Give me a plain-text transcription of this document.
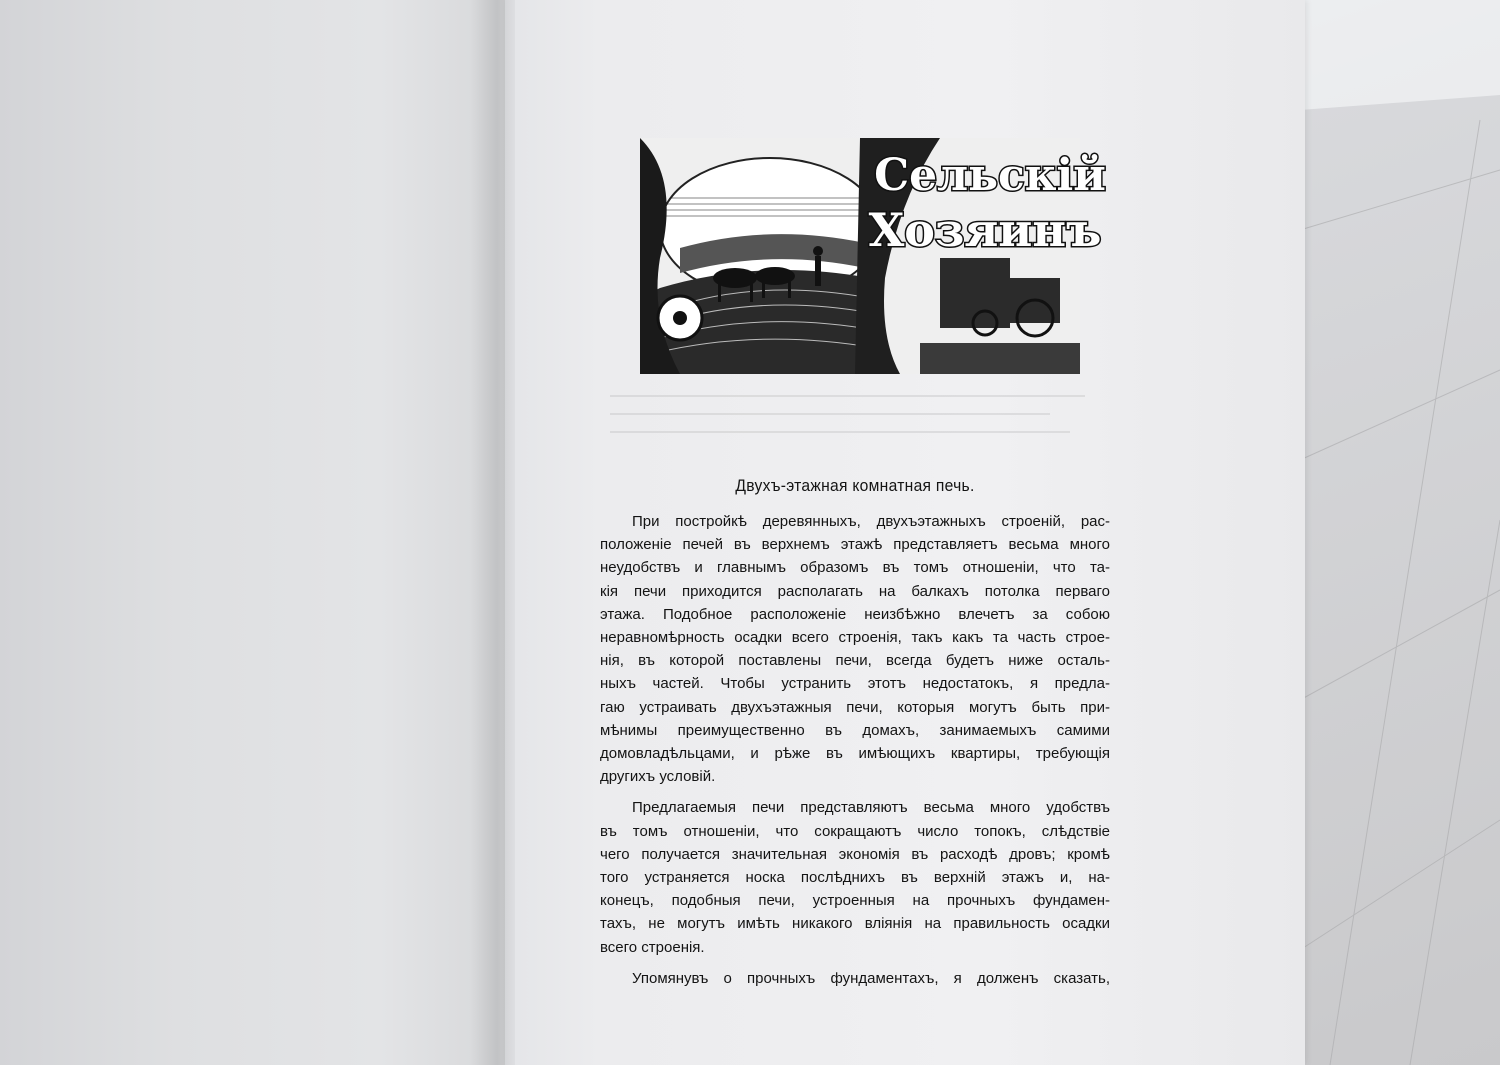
Сельскій
Хозяинъ
Двухъ-этажная комнатная печь.
При постройкѣ деревянныхъ, двухъэтажныхъ строеній, рас-
положеніе печей въ верхнемъ этажѣ представляетъ весьма много
неудобствъ и главнымъ образомъ въ томъ отношеніи, что та-
кія печи приходится располагать на балкахъ потолка перваго
этажа. Подобное расположеніе неизбѣжно влечетъ за собою
неравномѣрность осадки всего строенія, такъ какъ та часть строе-
нія, въ которой поставлены печи, всегда будетъ ниже осталь-
ныхъ частей. Чтобы устранить этотъ недостатокъ, я предла-
гаю устраивать двухъэтажныя печи, которыя могутъ быть при-
мѣнимы преимущественно въ домахъ, занимаемыхъ самими
домовладѣльцами, и рѣже въ имѣющихъ квартиры, требующія
другихъ условій.
Предлагаемыя печи представляютъ весьма много удобствъ
въ томъ отношеніи, что сокращаютъ число топокъ, слѣдствіе
чего получается значительная экономія въ расходѣ дровъ; кромѣ
того устраняется носка послѣднихъ въ верхній этажъ и, на-
конецъ, подобныя печи, устроенныя на прочныхъ фундамен-
тахъ, не могутъ имѣть никакого вліянія на правильность осадки
всего строенія.
Упомянувъ о прочныхъ фундаментахъ, я долженъ сказать,
